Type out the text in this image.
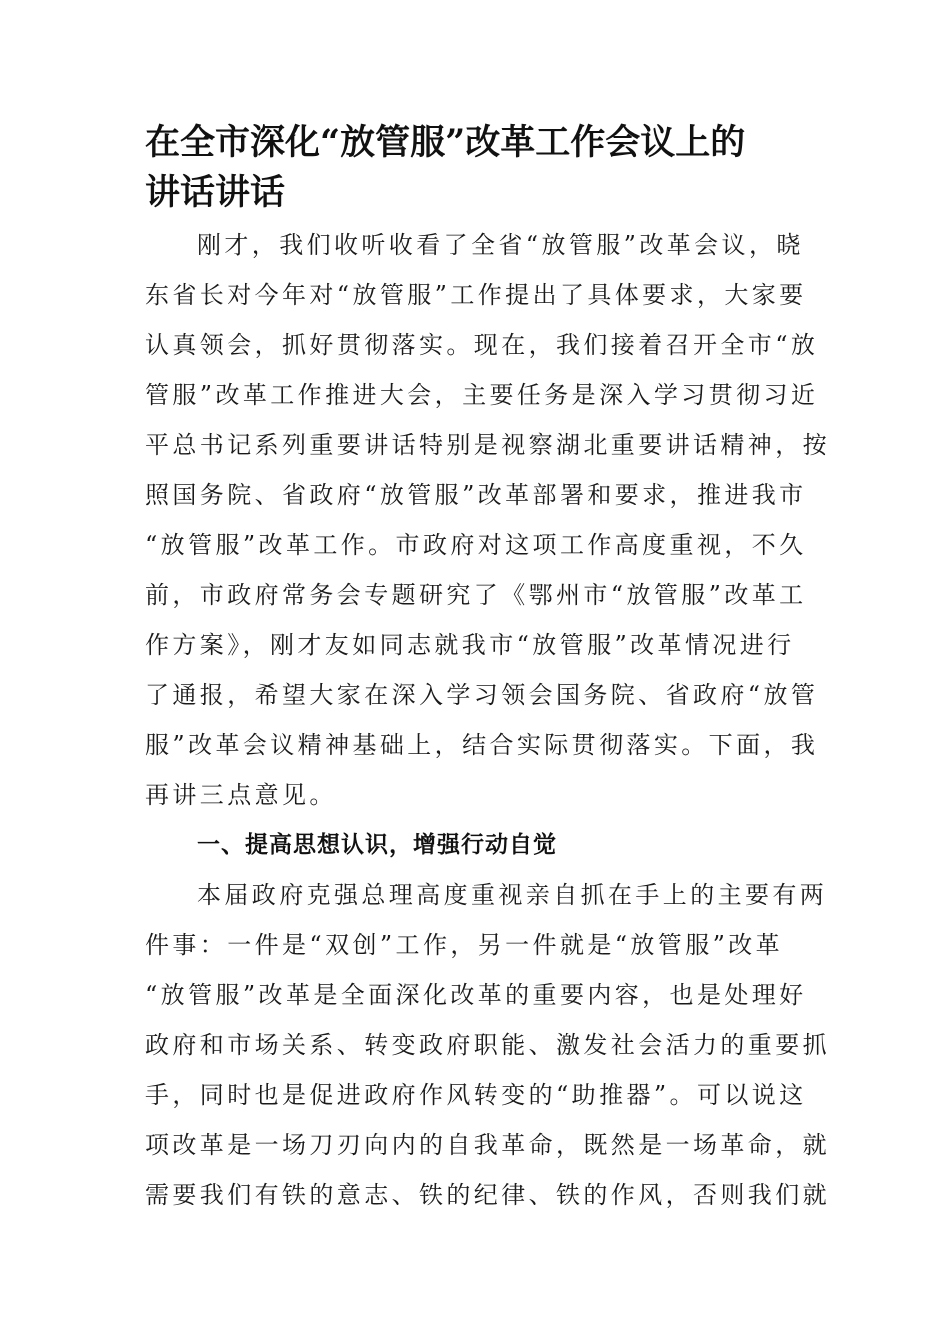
在全市深化“放管服”改革工作会议上的
讲话讲话

刚才，我们收听收看了全省“放管服”改革会议，晓
东省长对今年对“放管服”工作提出了具体要求，大家要
认真领会，抓好贯彻落实。现在，我们接着召开全市“放
管服”改革工作推进大会，主要任务是深入学习贯彻习近
平总书记系列重要讲话特别是视察湖北重要讲话精神，按
照国务院、省政府“放管服”改革部署和要求，推进我市
“放管服”改革工作。市政府对这项工作高度重视，不久
前，市政府常务会专题研究了《鄂州市“放管服”改革工
作方案》，刚才友如同志就我市“放管服”改革情况进行
了通报，希望大家在深入学习领会国务院、省政府“放管
服”改革会议精神基础上，结合实际贯彻落实。下面，我
再讲三点意见。

一、提高思想认识，增强行动自觉

本届政府克强总理高度重视亲自抓在手上的主要有两
件事：一件是“双创”工作，另一件就是“放管服”改革
“放管服”改革是全面深化改革的重要内容，也是处理好
政府和市场关系、转变政府职能、激发社会活力的重要抓
手，同时也是促进政府作风转变的“助推器”。可以说这
项改革是一场刀刃向内的自我革命，既然是一场革命，就
需要我们有铁的意志、铁的纪律、铁的作风，否则我们就
